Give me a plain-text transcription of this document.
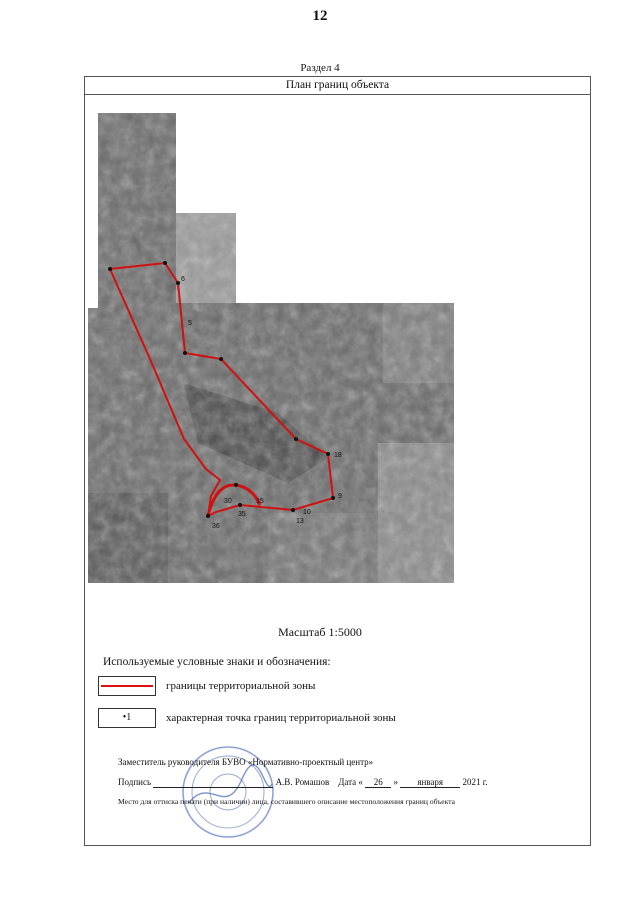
12
Раздел 4
План границ объекта
6
5
18
9
10
13
35
36
30	15
Масштаб 1:5000
Используемые условные знаки и обозначения:
границы территориальной зоны
•1	характерная точка границ территориальной зоны
Заместитель руководителя БУВО «Нормативно-проектный центр»
Подпись	А.В. Ромашов Дата « 26 » января 2021 г.
Место для оттиска печати (при наличии) лица, составившего описание местоположения границ объекта
